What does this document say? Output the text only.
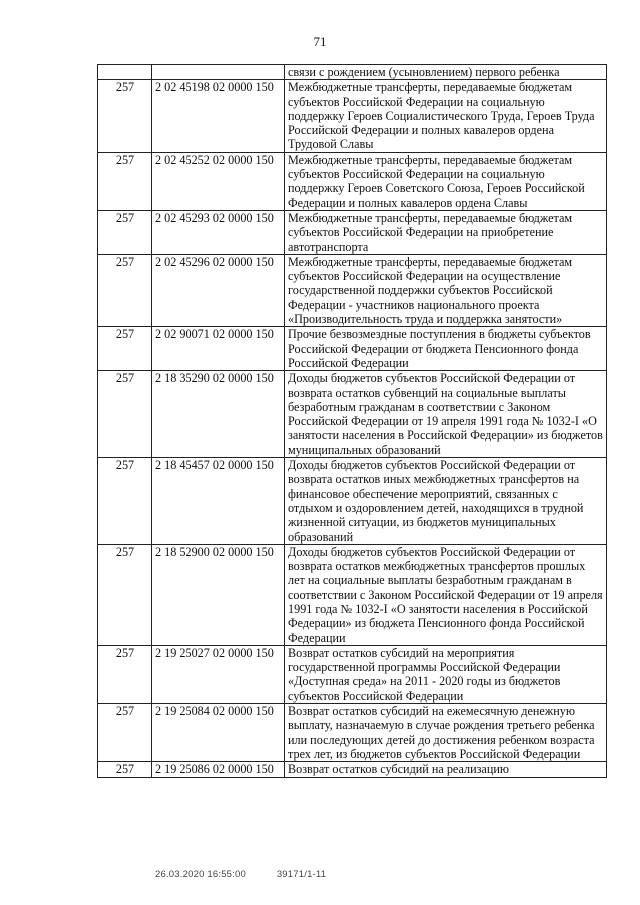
71
		связи с рождением (усыновлением) первого ребенка
257	2 02 45198 02 0000 150	Межбюджетные трансферты, передаваемые бюджетам субъектов Российской Федерации на социальную поддержку Героев Социалистического Труда, Героев Труда Российской Федерации и полных кавалеров ордена Трудовой Славы
257	2 02 45252 02 0000 150	Межбюджетные трансферты, передаваемые бюджетам субъектов Российской Федерации на социальную поддержку Героев Советского Союза, Героев Российской Федерации и полных кавалеров ордена Славы
257	2 02 45293 02 0000 150	Межбюджетные трансферты, передаваемые бюджетам субъектов Российской Федерации на приобретение автотранспорта
257	2 02 45296 02 0000 150	Межбюджетные трансферты, передаваемые бюджетам субъектов Российской Федерации на осуществление государственной поддержки субъектов Российской Федерации - участников национального проекта «Производительность труда и поддержка занятости»
257	2 02 90071 02 0000 150	Прочие безвозмездные поступления в бюджеты субъектов Российской Федерации от бюджета Пенсионного фонда Российской Федерации
257	2 18 35290 02 0000 150	Доходы бюджетов субъектов Российской Федерации от возврата остатков субвенций на социальные выплаты безработным гражданам в соответствии с Законом Российской Федерации от 19 апреля 1991 года № 1032-I «О занятости населения в Российской Федерации» из бюджетов муниципальных образований
257	2 18 45457 02 0000 150	Доходы бюджетов субъектов Российской Федерации от возврата остатков иных межбюджетных трансфертов на финансовое обеспечение мероприятий, связанных с отдыхом и оздоровлением детей, находящихся в трудной жизненной ситуации, из бюджетов муниципальных образований
257	2 18 52900 02 0000 150	Доходы бюджетов субъектов Российской Федерации от возврата остатков межбюджетных трансфертов прошлых лет на социальные выплаты безработным гражданам в соответствии с Законом Российской Федерации от 19 апреля 1991 года № 1032-I «О занятости населения в Российской Федерации» из бюджета Пенсионного фонда Российской Федерации
257	2 19 25027 02 0000 150	Возврат остатков субсидий на мероприятия государственной программы Российской Федерации «Доступная среда» на 2011 - 2020 годы из бюджетов субъектов Российской Федерации
257	2 19 25084 02 0000 150	Возврат остатков субсидий на ежемесячную денежную выплату, назначаемую в случае рождения третьего ребенка или последующих детей до достижения ребенком возраста трех лет, из бюджетов субъектов Российской Федерации
257	2 19 25086 02 0000 150	Возврат остатков субсидий на реализацию
26.03.2020 16:55:00	39171/1-11
